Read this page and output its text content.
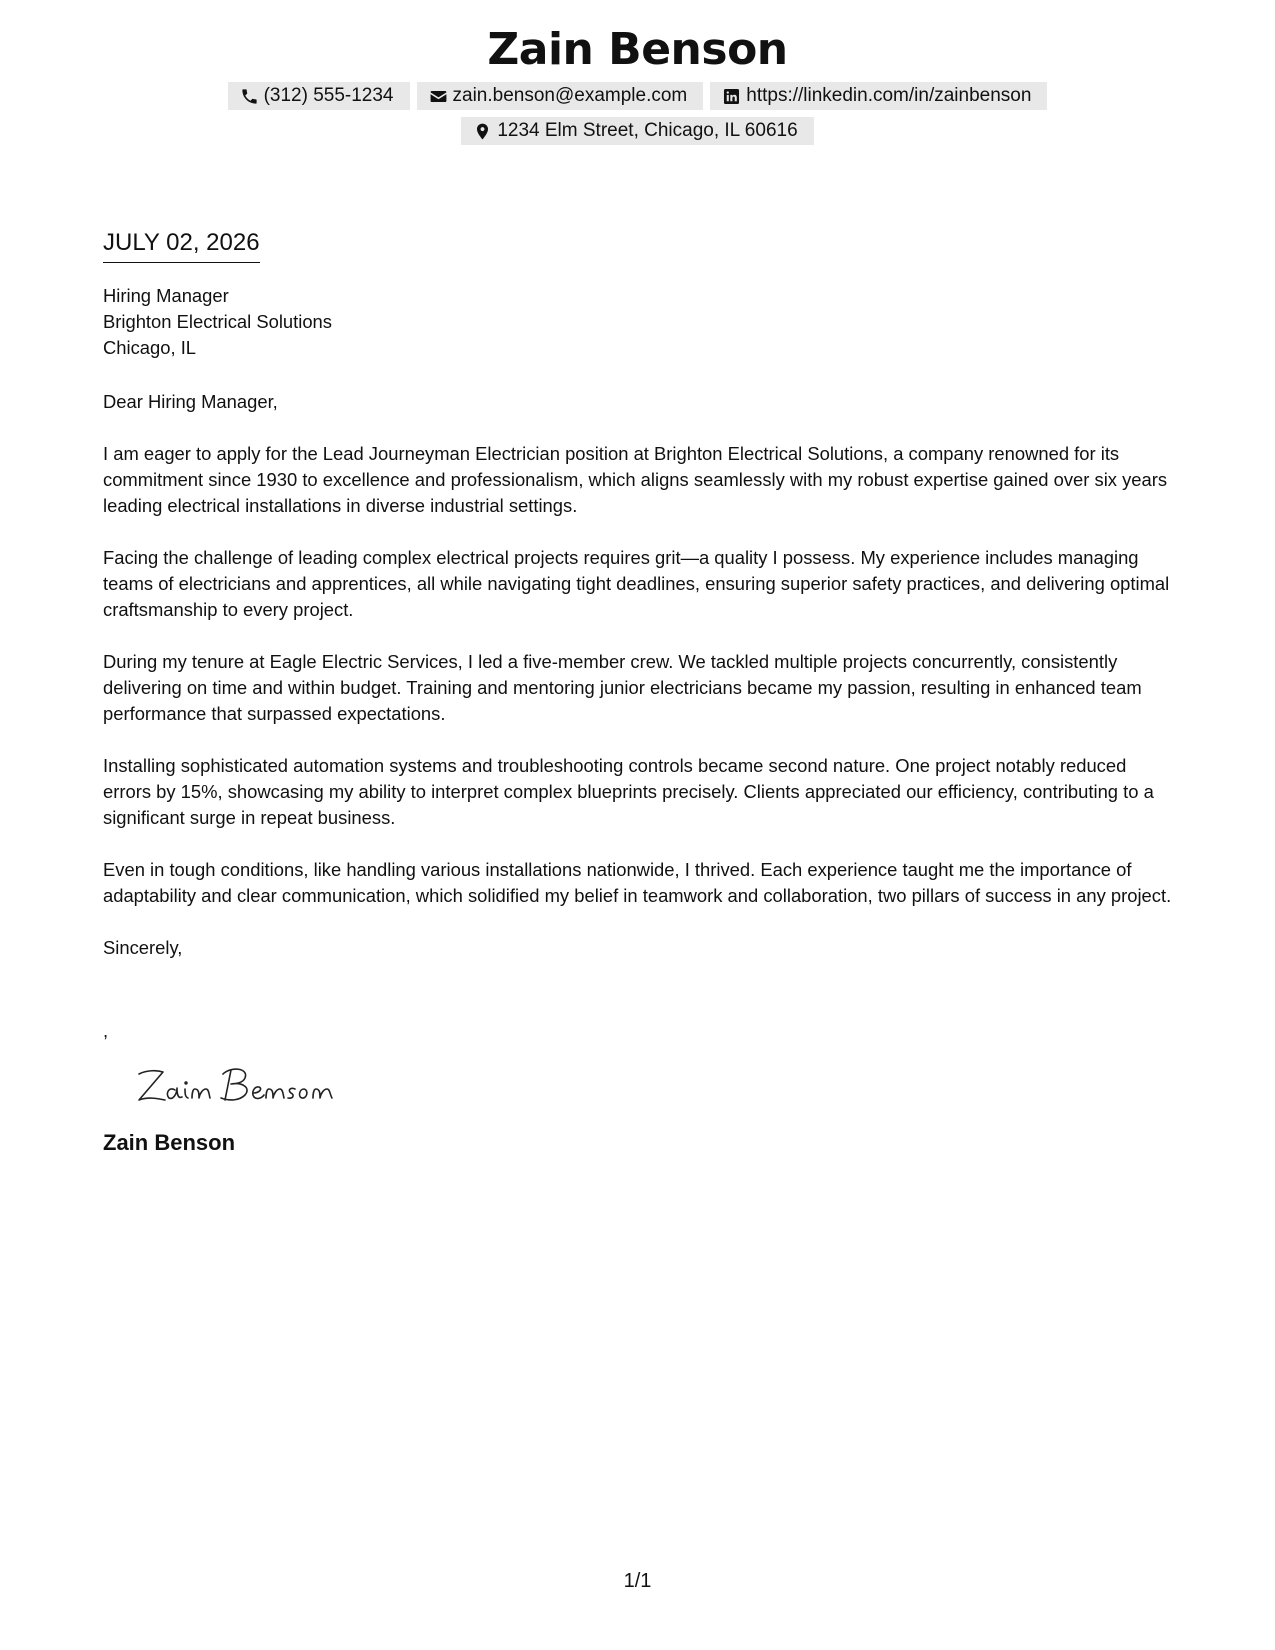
Zain Benson
(312) 555-1234	zain.benson@example.com	https://linkedin.com/in/zainbenson
1234 Elm Street, Chicago, IL 60616
JULY 02, 2026
Hiring Manager
Brighton Electrical Solutions
Chicago, IL
Dear Hiring Manager,

I am eager to apply for the Lead Journeyman Electrician position at Brighton Electrical Solutions, a company renowned for its commitment since 1930 to excellence and professionalism, which aligns seamlessly with my robust expertise gained over six years leading electrical installations in diverse industrial settings.

Facing the challenge of leading complex electrical projects requires grit—a quality I possess. My experience includes managing teams of electricians and apprentices, all while navigating tight deadlines, ensuring superior safety practices, and delivering optimal craftsmanship to every project.

During my tenure at Eagle Electric Services, I led a five-member crew. We tackled multiple projects concurrently, consistently delivering on time and within budget. Training and mentoring junior electricians became my passion, resulting in enhanced team performance that surpassed expectations.

Installing sophisticated automation systems and troubleshooting controls became second nature. One project notably reduced errors by 15%, showcasing my ability to interpret complex blueprints precisely. Clients appreciated our efficiency, contributing to a significant surge in repeat business.

Even in tough conditions, like handling various installations nationwide, I thrived. Each experience taught me the importance of adaptability and clear communication, which solidified my belief in teamwork and collaboration, two pillars of success in any project.

Sincerely,
,
Zain Benson
1/1
